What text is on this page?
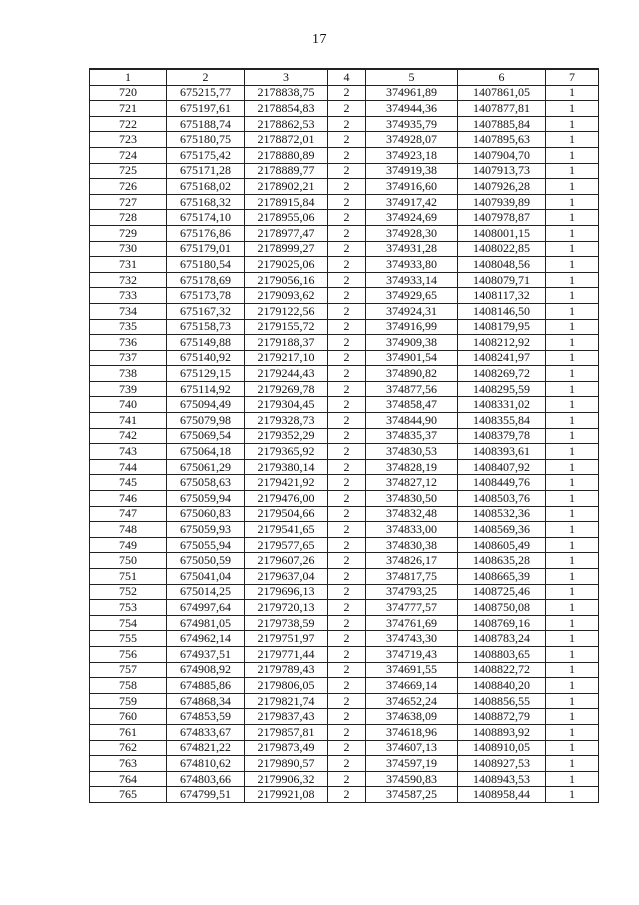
17
1	2	3	4	5	6	7
720	675215,77	2178838,75	2	374961,89	1407861,05	1
721	675197,61	2178854,83	2	374944,36	1407877,81	1
722	675188,74	2178862,53	2	374935,79	1407885,84	1
723	675180,75	2178872,01	2	374928,07	1407895,63	1
724	675175,42	2178880,89	2	374923,18	1407904,70	1
725	675171,28	2178889,77	2	374919,38	1407913,73	1
726	675168,02	2178902,21	2	374916,60	1407926,28	1
727	675168,32	2178915,84	2	374917,42	1407939,89	1
728	675174,10	2178955,06	2	374924,69	1407978,87	1
729	675176,86	2178977,47	2	374928,30	1408001,15	1
730	675179,01	2178999,27	2	374931,28	1408022,85	1
731	675180,54	2179025,06	2	374933,80	1408048,56	1
732	675178,69	2179056,16	2	374933,14	1408079,71	1
733	675173,78	2179093,62	2	374929,65	1408117,32	1
734	675167,32	2179122,56	2	374924,31	1408146,50	1
735	675158,73	2179155,72	2	374916,99	1408179,95	1
736	675149,88	2179188,37	2	374909,38	1408212,92	1
737	675140,92	2179217,10	2	374901,54	1408241,97	1
738	675129,15	2179244,43	2	374890,82	1408269,72	1
739	675114,92	2179269,78	2	374877,56	1408295,59	1
740	675094,49	2179304,45	2	374858,47	1408331,02	1
741	675079,98	2179328,73	2	374844,90	1408355,84	1
742	675069,54	2179352,29	2	374835,37	1408379,78	1
743	675064,18	2179365,92	2	374830,53	1408393,61	1
744	675061,29	2179380,14	2	374828,19	1408407,92	1
745	675058,63	2179421,92	2	374827,12	1408449,76	1
746	675059,94	2179476,00	2	374830,50	1408503,76	1
747	675060,83	2179504,66	2	374832,48	1408532,36	1
748	675059,93	2179541,65	2	374833,00	1408569,36	1
749	675055,94	2179577,65	2	374830,38	1408605,49	1
750	675050,59	2179607,26	2	374826,17	1408635,28	1
751	675041,04	2179637,04	2	374817,75	1408665,39	1
752	675014,25	2179696,13	2	374793,25	1408725,46	1
753	674997,64	2179720,13	2	374777,57	1408750,08	1
754	674981,05	2179738,59	2	374761,69	1408769,16	1
755	674962,14	2179751,97	2	374743,30	1408783,24	1
756	674937,51	2179771,44	2	374719,43	1408803,65	1
757	674908,92	2179789,43	2	374691,55	1408822,72	1
758	674885,86	2179806,05	2	374669,14	1408840,20	1
759	674868,34	2179821,74	2	374652,24	1408856,55	1
760	674853,59	2179837,43	2	374638,09	1408872,79	1
761	674833,67	2179857,81	2	374618,96	1408893,92	1
762	674821,22	2179873,49	2	374607,13	1408910,05	1
763	674810,62	2179890,57	2	374597,19	1408927,53	1
764	674803,66	2179906,32	2	374590,83	1408943,53	1
765	674799,51	2179921,08	2	374587,25	1408958,44	1
